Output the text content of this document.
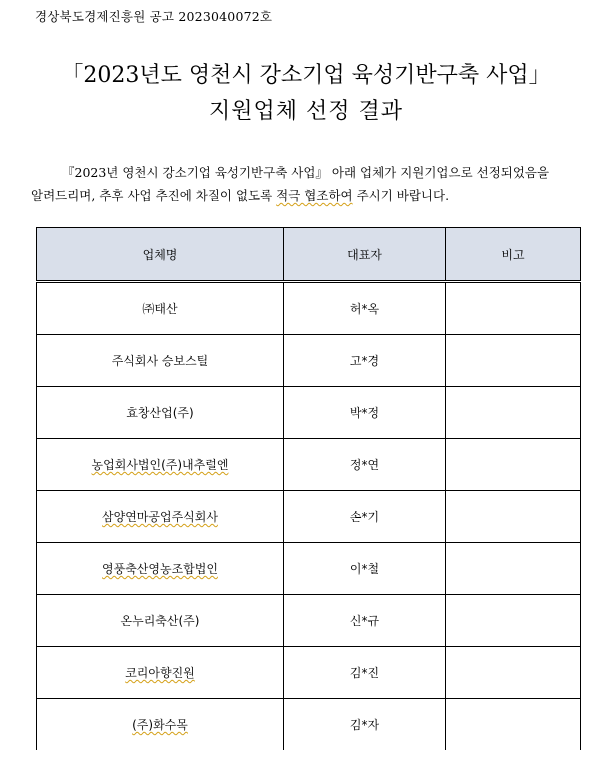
경상북도경제진흥원 공고 2023040072호
「2023년도 영천시 강소기업 육성기반구축 사업」
지원업체 선정 결과
『2023년 영천시 강소기업 육성기반구축 사업』 아래 업체가 지원기업으로 선정되었음을
알려드리며, 추후 사업 추진에 차질이 없도록 적극 협조하여 주시기 바랍니다.
업체명	대표자	비고
㈜태산	허*옥	
주식회사 승보스틸	고*경	
효창산업(주)	박*정	
농업회사법인(주)내추럴엔	정*연	
삼양연마공업주식회사	손*기	
영풍축산영농조합법인	이*철	
온누리축산(주)	신*규	
코리아향진원	김*진	
(주)화수목	김*자	
